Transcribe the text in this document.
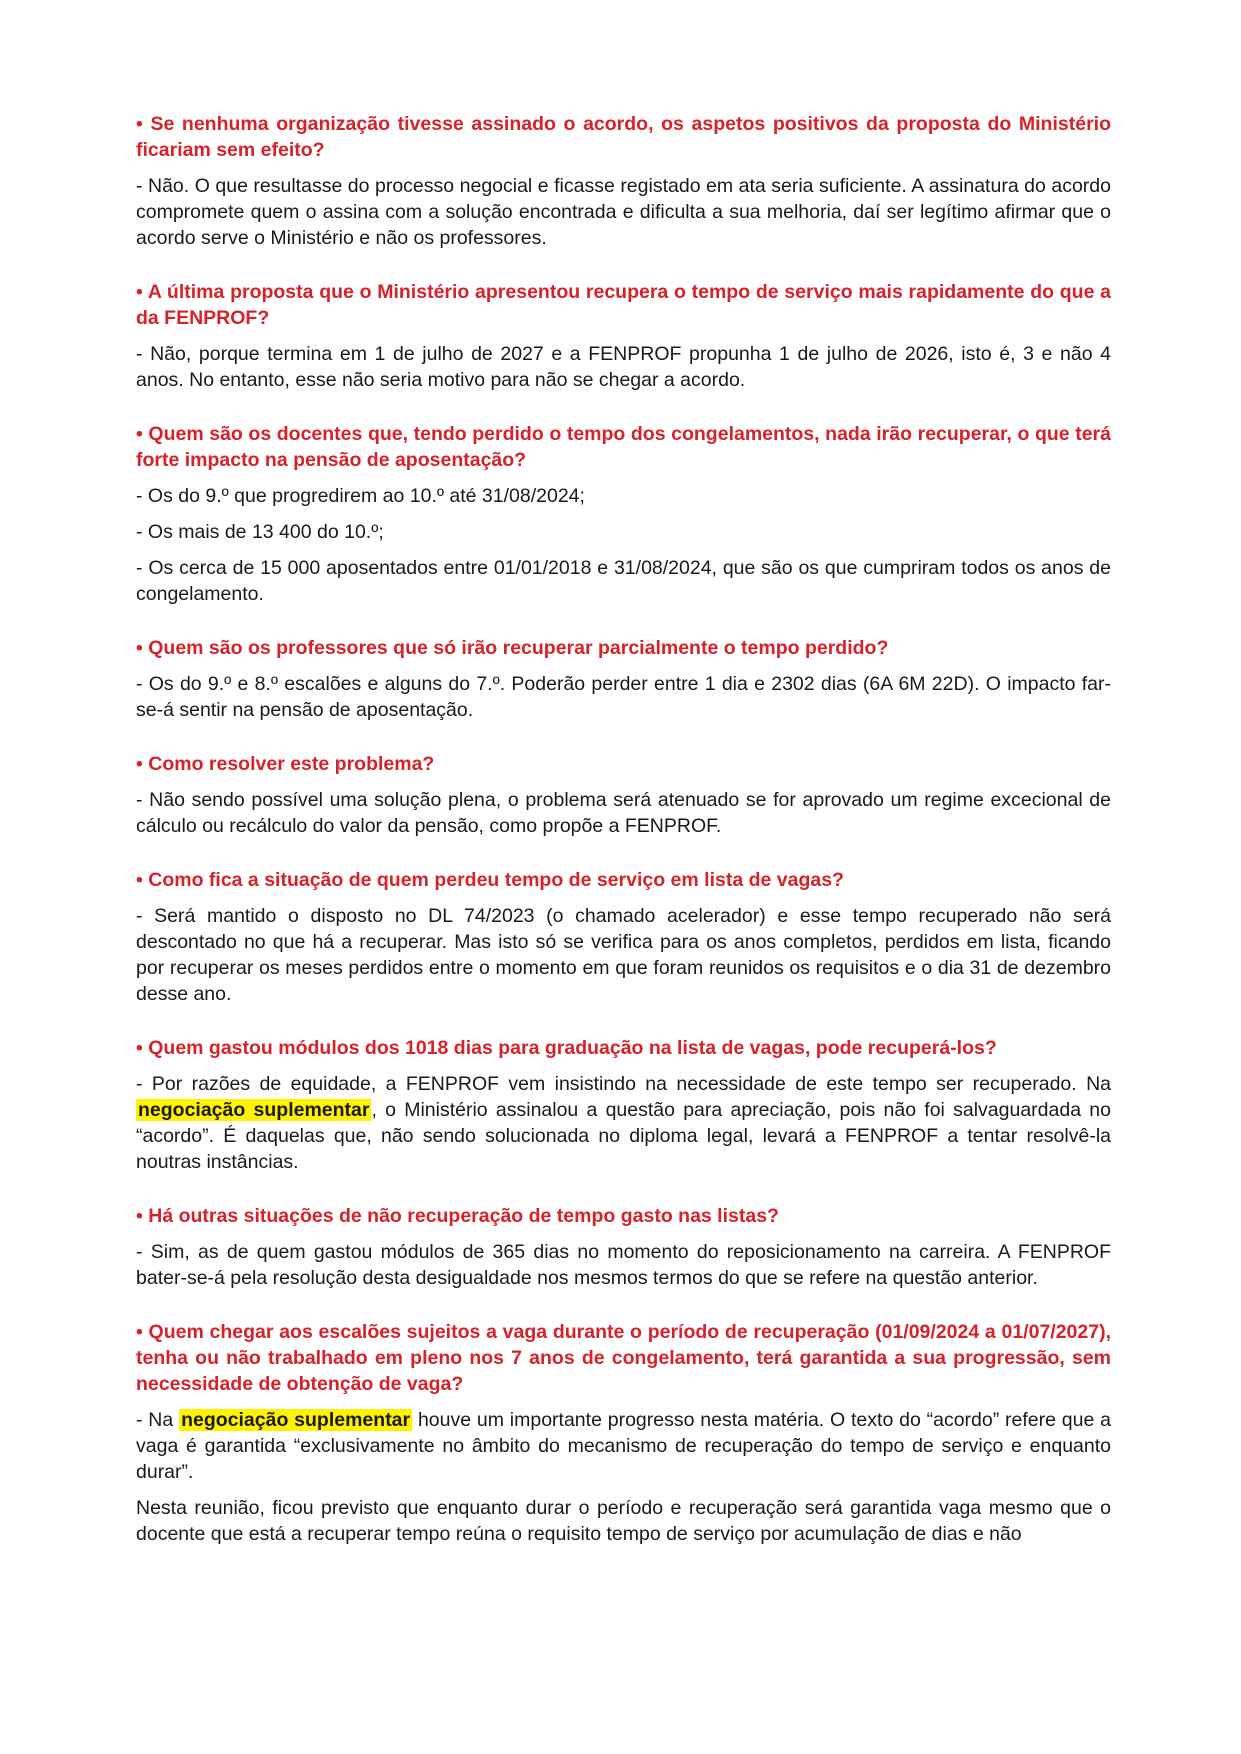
• Se nenhuma organização tivesse assinado o acordo, os aspetos positivos da proposta do Ministério ficariam sem efeito?

- Não. O que resultasse do processo negocial e ficasse registado em ata seria suficiente. A assinatura do acordo compromete quem o assina com a solução encontrada e dificulta a sua melhoria, daí ser legítimo afirmar que o acordo serve o Ministério e não os professores.

• A última proposta que o Ministério apresentou recupera o tempo de serviço mais rapidamente do que a da FENPROF?

- Não, porque termina em 1 de julho de 2027 e a FENPROF propunha 1 de julho de 2026, isto é, 3 e não 4 anos. No entanto, esse não seria motivo para não se chegar a acordo.

• Quem são os docentes que, tendo perdido o tempo dos congelamentos, nada irão recuperar, o que terá forte impacto na pensão de aposentação?

- Os do 9.º que progredirem ao 10.º até 31/08/2024;

- Os mais de 13 400 do 10.º;

- Os cerca de 15 000 aposentados entre 01/01/2018 e 31/08/2024, que são os que cumpriram todos os anos de congelamento.

• Quem são os professores que só irão recuperar parcialmente o tempo perdido?

- Os do 9.º e 8.º escalões e alguns do 7.º. Poderão perder entre 1 dia e 2302 dias (6A 6M 22D). O impacto far-se-á sentir na pensão de aposentação.

• Como resolver este problema?

- Não sendo possível uma solução plena, o problema será atenuado se for aprovado um regime excecional de cálculo ou recálculo do valor da pensão, como propõe a FENPROF.

• Como fica a situação de quem perdeu tempo de serviço em lista de vagas?

- Será mantido o disposto no DL 74/2023 (o chamado acelerador) e esse tempo recuperado não será descontado no que há a recuperar. Mas isto só se verifica para os anos completos, perdidos em lista, ficando por recuperar os meses perdidos entre o momento em que foram reunidos os requisitos e o dia 31 de dezembro desse ano.

• Quem gastou módulos dos 1018 dias para graduação na lista de vagas, pode recuperá-los?

- Por razões de equidade, a FENPROF vem insistindo na necessidade de este tempo ser recuperado. Na negociação suplementar , o Ministério assinalou a questão para apreciação, pois não foi salvaguardada no “acordo”. É daquelas que, não sendo solucionada no diploma legal, levará a FENPROF a tentar resolvê-la noutras instâncias.

• Há outras situações de não recuperação de tempo gasto nas listas?

- Sim, as de quem gastou módulos de 365 dias no momento do reposicionamento na carreira. A FENPROF bater-se-á pela resolução desta desigualdade nos mesmos termos do que se refere na questão anterior.

• Quem chegar aos escalões sujeitos a vaga durante o período de recuperação (01/09/2024 a 01/07/2027), tenha ou não trabalhado em pleno nos 7 anos de congelamento, terá garantida a sua progressão, sem necessidade de obtenção de vaga?

- Na negociação suplementar houve um importante progresso nesta matéria. O texto do “acordo” refere que a vaga é garantida “exclusivamente no âmbito do mecanismo de recuperação do tempo de serviço e enquanto durar”.

Nesta reunião, ficou previsto que enquanto durar o período e recuperação será garantida vaga mesmo que o docente que está a recuperar tempo reúna o requisito tempo de serviço por acumulação de dias e não
